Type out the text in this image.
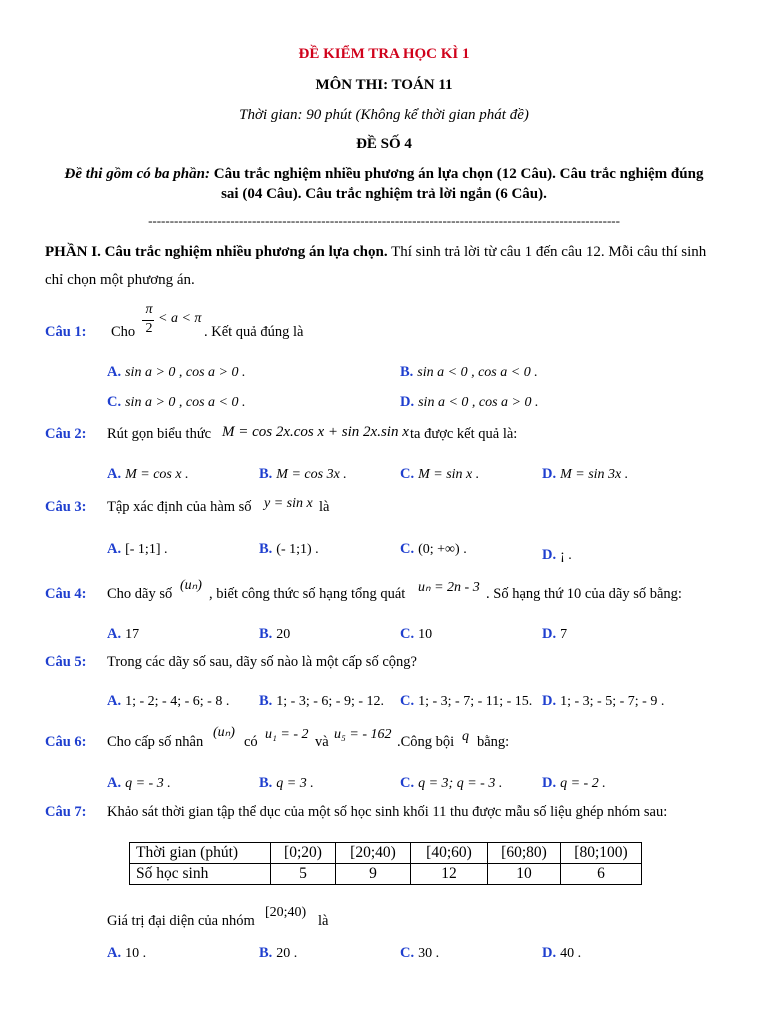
ĐỀ KIỂM TRA HỌC KÌ 1
MÔN THI: TOÁN 11
Thời gian: 90 phút (Không kể thời gian phát đề)
ĐỀ SỐ 4
Đề thi gồm có ba phần: Câu trắc nghiệm nhiều phương án lựa chọn (12 Câu). Câu trắc nghiệm đúng
sai (04 Câu). Câu trắc nghiệm trả lời ngắn (6 Câu).
-------------------------------------------------------------------------------------------------------------
PHẦN I. Câu trắc nghiệm nhiều phương án lựa chọn. Thí sinh trả lời từ câu 1 đến câu 12. Mỗi câu thí sinh
chỉ chọn một phương án.
Câu 1: Cho
π
2
< a < π
. Kết quả đúng là
A. sin a > 0 , cos a > 0 .	B. sin a < 0 , cos a < 0 .
C. sin a > 0 , cos a < 0 .	D. sin a < 0 , cos a > 0 .
Câu 2: Rút gọn biểu thức M = cos 2x.cos x + sin 2x.sin x ta được kết quả là:
A. M = cos x .	B. M = cos 3x .	C. M = sin x .	D. M = sin 3x .
Câu 3: Tập xác định của hàm số y = sin x là
A. [- 1;1] .	B. (- 1;1) .	C. (0; +∞) .	D. ¡ .
Câu 4: Cho dãy số
(uₙ)
, biết công thức số hạng tổng quát uₙ = 2n - 3 . Số hạng thứ 10 của dãy số bằng:
A. 17	B. 20	C. 10	D. 7
Câu 5: Trong các dãy số sau, dãy số nào là một cấp số cộng?
A. 1; - 2; - 4; - 6; - 8 . B. 1; - 3; - 6; - 9; - 12. C. 1; - 3; - 7; - 11; - 15. D. 1; - 3; - 5; - 7; - 9 .
Câu 6: Cho cấp số nhân
(uₙ)
có u₁ = - 2 và u₅ = - 162 .Công bội q bằng:
A. q = - 3 .	B. q = 3 .	C. q = 3; q = - 3 .	D. q = - 2 .
Câu 7: Khảo sát thời gian tập thể dục của một số học sinh khối 11 thu được mẫu số liệu ghép nhóm sau:
Thời gian (phút)	[0;20)	[20;40)	[40;60)	[60;80)	[80;100)
Số học sinh	5	9	12	10	6
Giá trị đại diện của nhóm
[20;40)
là
A. 10 .	B. 20 .	C. 30 .	D. 40 .
